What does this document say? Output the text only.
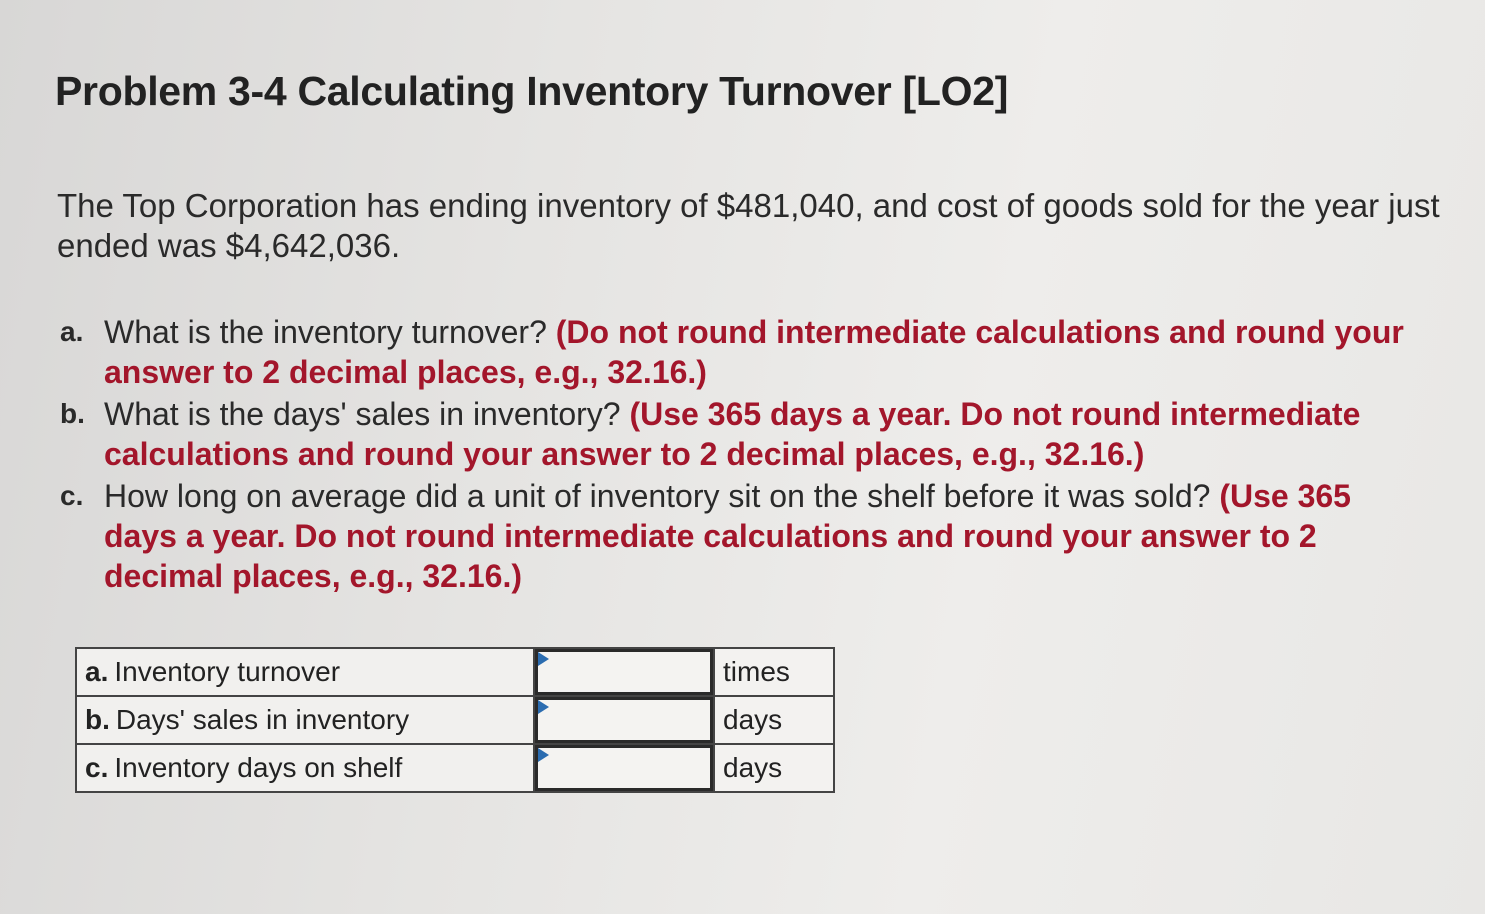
Problem 3-4 Calculating Inventory Turnover [LO2]

The Top Corporation has ending inventory of $481,040, and cost of goods sold for the year just ended was $4,642,036.

a. What is the inventory turnover? (Do not round intermediate calculations and round your answer to 2 decimal places, e.g., 32.16.)
b. What is the days' sales in inventory? (Use 365 days a year. Do not round intermediate calculations and round your answer to 2 decimal places, e.g., 32.16.)
c. How long on average did a unit of inventory sit on the shelf before it was sold? (Use 365 days a year. Do not round intermediate calculations and round your answer to 2 decimal places, e.g., 32.16.)
a. Inventory turnover		times
b. Days' sales in inventory		days
c. Inventory days on shelf		days
